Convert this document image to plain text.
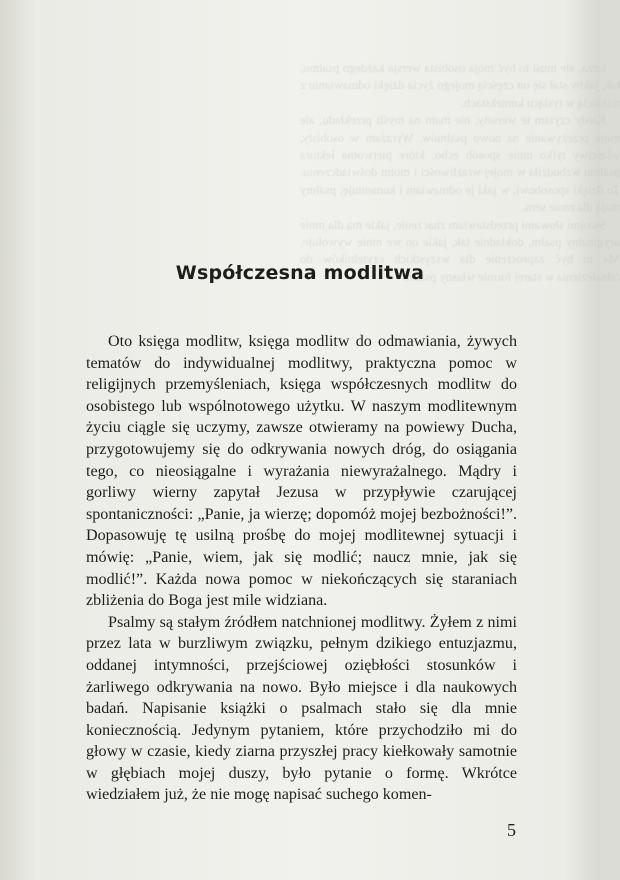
tarza, ale musi to być moja osobista wersja każdego psalmu, tak, jakby stał się on częścią mojego życia dzięki odmawianiu z miłością w tysiącu kontekstach.

Kiedy czytam te wersety, nie mam na myśli przekładu, ale moje przeżywanie na nowo psalmów. Wyrażam w osobisty, właściwy tylko mnie sposób echo, które pierwotna lektura psalmu wzbudziła w mojej wrażliwości i moim doświadczeniu. To dzięki sposobowi, w jaki je odmawiam i komentuję, psalmy mają dla mnie sens.

Swoimi słowami przedstawiam znaczenie, jakie ma dla mnie oryginalny psalm, dokładnie tak, jakie on we mnie wywołuje. Ma to być zaproszenie dla wszystkich czytelników do odnalezienia w starej formie własny psalm.

Współczesna modlitwa

Oto księga modlitw, księga modlitw do odmawiania, żywych tematów do indywidualnej modlitwy, praktyczna pomoc w religijnych przemyśleniach, księga współczesnych modlitw do osobistego lub wspólnotowego użytku. W naszym modlitewnym życiu ciągle się uczymy, zawsze otwieramy na powiewy Ducha, przygotowujemy się do odkrywania nowych dróg, do osiągania tego, co nieosiągalne i wyrażania niewyrażalnego. Mądry i gorliwy wierny zapytał Jezusa w przypływie czarującej spontaniczności: „Panie, ja wierzę; dopomóż mojej bezbożności!”. Dopasowuję tę usilną prośbę do mojej modlitewnej sytuacji i mówię: „Panie, wiem, jak się modlić; naucz mnie, jak się modlić!”. Każda nowa pomoc w niekończących się staraniach zbliżenia do Boga jest mile widziana.

Psalmy są stałym źródłem natchnionej modlitwy. Żyłem z nimi przez lata w burzliwym związku, pełnym dzikiego entuzjazmu, oddanej intymności, przejściowej oziębłości stosunków i żarliwego odkrywania na nowo. Było miejsce i dla naukowych badań. Napisanie książki o psalmach stało się dla mnie koniecznością. Jedynym pytaniem, które przychodziło mi do głowy w czasie, kiedy ziarna przyszłej pracy kiełkowały samotnie w głębiach mojej duszy, było pytanie o formę. Wkrótce wiedziałem już, że nie mogę napisać suchego komen-

5
